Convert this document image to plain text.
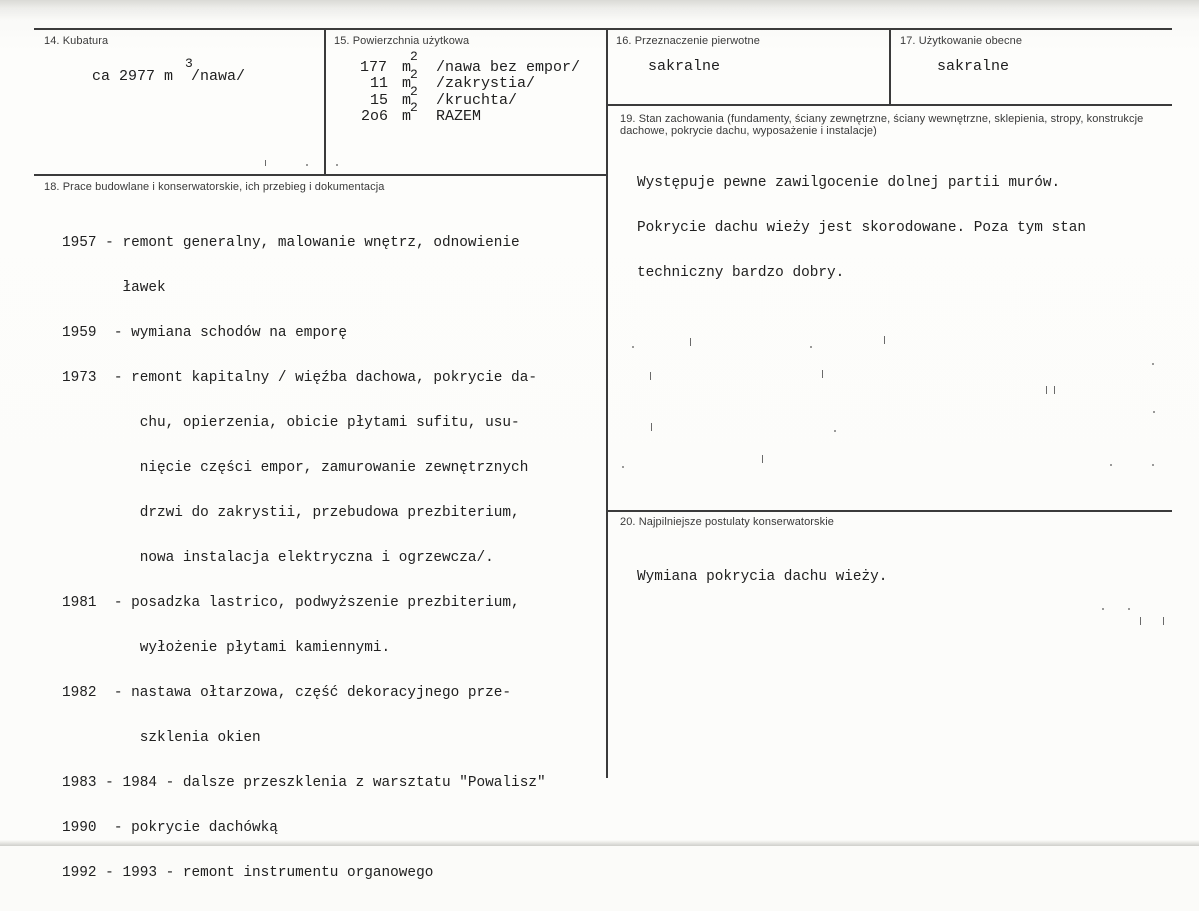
14. Kubatura
ca 2977 m  /nawa/
3
15. Powierzchnia użytkowa
177 m
2
/nawa bez empor/
11 m
2
/zakrystia/
15 m
2
/kruchta/
2o6 m
2
RAZEM
16. Przeznaczenie pierwotne
sakralne
17. Użytkowanie obecne
sakralne
18. Prace budowlane i konserwatorskie, ich przebieg i dokumentacja

1957 - remont generalny, malowanie wnętrz, odnowienie

ławek

1959  - wymiana schodów na emporę

1973  - remont kapitalny / więźba dachowa, pokrycie da-

chu, opierzenia, obicie płytami sufitu, usu-

nięcie części empor, zamurowanie zewnętrznych

drzwi do zakrystii, przebudowa prezbiterium,

nowa instalacja elektryczna i ogrzewcza/.

1981  - posadzka lastrico, podwyższenie prezbiterium,

wyłożenie płytami kamiennymi.

1982  - nastawa ołtarzowa, część dekoracyjnego prze-

szklenia okien

1983 - 1984 - dalsze przeszklenia z warsztatu "Powalisz"

1990  - pokrycie dachówką

1992 - 1993 - remont instrumentu organowego

19. Stan zachowania (fundamenty, ściany zewnętrzne, ściany wewnętrzne, sklepienia, stropy, konstrukcje dachowe, pokrycie dachu, wyposażenie i instalacje)

Występuje pewne zawilgocenie dolnej partii murów.

Pokrycie dachu wieży jest skorodowane. Poza tym stan

techniczny bardzo dobry.

20. Najpilniejsze postulaty konserwatorskie

Wymiana pokrycia dachu wieży.
